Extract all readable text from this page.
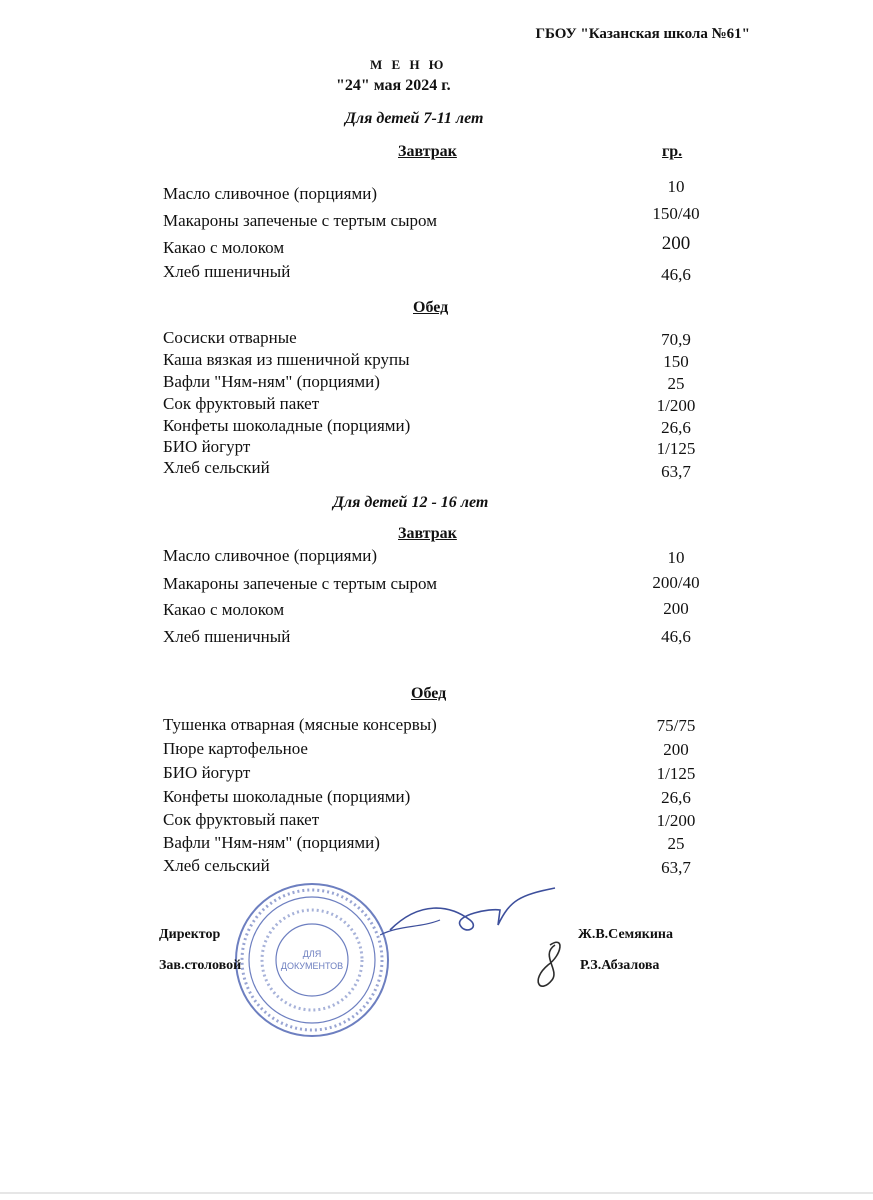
ГБОУ "Казанская школа №61"
М Е Н Ю
"24" мая 2024 г.
Для детей 7-11 лет
Завтрак	гр.
Масло сливочное (порциями)	10
Макароны запеченые с тертым сыром	150/40
Какао с молоком	200
Хлеб пшеничный	46,6
Обед
Сосиски отварные	70,9
Каша вязкая из пшеничной крупы	150
Вафли "Ням-ням" (порциями)	25
Сок фруктовый пакет	1/200
Конфеты шоколадные (порциями)	26,6
БИО йогурт	1/125
Хлеб сельский	63,7
Для детей 12 - 16 лет
Завтрак
Масло сливочное (порциями)	10
Макароны запеченые с тертым сыром	200/40
Какао с молоком	200
Хлеб пшеничный	46,6
Обед
Тушенка отварная (мясные консервы)	75/75
Пюре картофельное	200
БИО йогурт	1/125
Конфеты шоколадные (порциями)	26,6
Сок фруктовый пакет	1/200
Вафли "Ням-ням" (порциями)	25
Хлеб сельский	63,7
ДЛЯ
ДОКУМЕНТОВ
Директор	Ж.В.Семякина
Зав.столовой	Р.З.Абзалова
